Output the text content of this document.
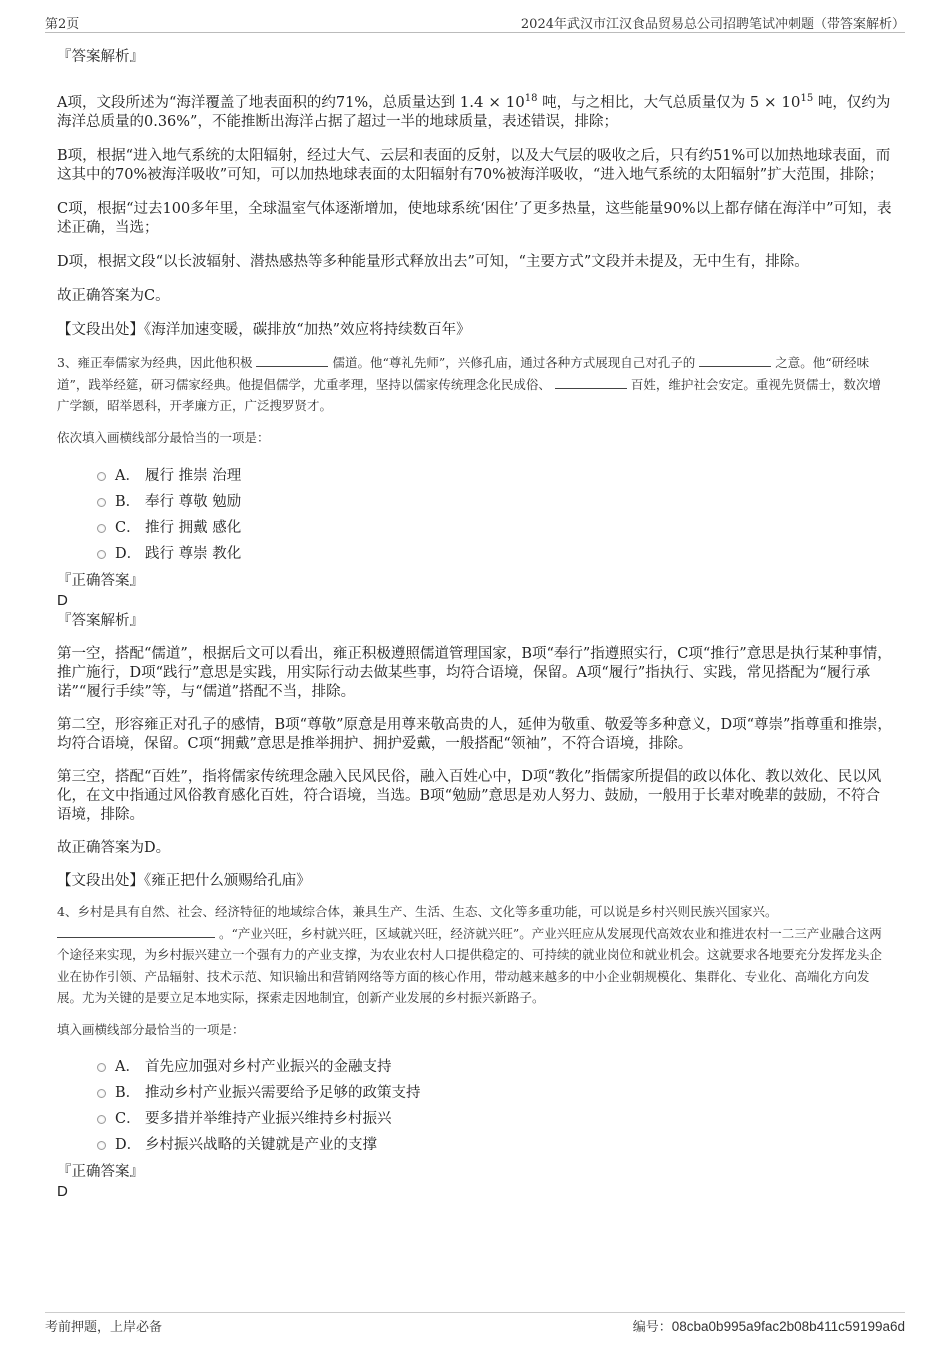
第2页	2024年武汉市江汉食品贸易总公司招聘笔试冲刺题（带答案解析）

『答案解析』

A项，文段所述为“海洋覆盖了地表面积的约71%，总质量达到 $1.4 \times 10^{18}$ 吨，与之相比，大气总质量仅为 $5 \times 10^{15}$ 吨，仅约为海洋总质量的0.36%”，不能推断出海洋占据了超过一半的地球质量，表述错误，排除；

B项，根据“进入地气系统的太阳辐射，经过大气、云层和表面的反射，以及大气层的吸收之后，只有约51%可以加热地球表面，而这其中的70%被海洋吸收”可知，可以加热地球表面的太阳辐射有70%被海洋吸收，“进入地气系统的太阳辐射”扩大范围，排除；

C项，根据“过去100多年里，全球温室气体逐渐增加，使地球系统‘困住’了更多热量，这些能量90%以上都存储在海洋中”可知，表述正确，当选；

D项，根据文段“以长波辐射、潜热感热等多种能量形式释放出去”可知，“主要方式”文段并未提及，无中生有，排除。

故正确答案为C。

【文段出处】《海洋加速变暖，碳排放“加热”效应将持续数百年》

3、雍正奉儒家为经典，因此他积极	儒道。他“尊礼先师”，兴修孔庙，通过各种方式展现自己对孔子的	之意。他“研经味道”，践举经筵，研习儒家经典。他提倡儒学，尤重孝理，坚持以儒家传统理念化民成俗、	百姓，维护社会安定。重视先贤儒士，数次增广学额，昭举恩科，开孝廉方正，广泛搜罗贤才。

依次填入画横线部分最恰当的一项是：

A． 履行 推崇 治理
B． 奉行 尊敬 勉励
C． 推行 拥戴 感化
D． 践行 尊崇 教化

『正确答案』

D

『答案解析』

第一空，搭配“儒道”，根据后文可以看出，雍正积极遵照儒道管理国家，B项“奉行”指遵照实行，C项“推行”意思是执行某种事情，推广施行，D项“践行”意思是实践，用实际行动去做某些事，均符合语境，保留。A项“履行”指执行、实践，常见搭配为“履行承诺”“履行手续”等，与“儒道”搭配不当，排除。

第二空，形容雍正对孔子的感情，B项“尊敬”原意是用尊来敬高贵的人，延伸为敬重、敬爱等多种意义，D项“尊崇”指尊重和推崇，均符合语境，保留。C项“拥戴”意思是推举拥护、拥护爱戴，一般搭配“领袖”，不符合语境，排除。

第三空，搭配“百姓”，指将儒家传统理念融入民风民俗，融入百姓心中，D项“教化”指儒家所提倡的政以体化、教以效化、民以风化，在文中指通过风俗教育感化百姓，符合语境，当选。B项“勉励”意思是劝人努力、鼓励，一般用于长辈对晚辈的鼓励，不符合语境，排除。

故正确答案为D。

【文段出处】《雍正把什么颁赐给孔庙》

4、乡村是具有自然、社会、经济特征的地域综合体，兼具生产、生活、生态、文化等多重功能，可以说是乡村兴则民族兴国家兴。  。“产业兴旺，乡村就兴旺，区域就兴旺，经济就兴旺”。产业兴旺应从发展现代高效农业和推进农村一二三产业融合这两个途径来实现，为乡村振兴建立一个强有力的产业支撑，为农业农村人口提供稳定的、可持续的就业岗位和就业机会。这就要求各地要充分发挥龙头企业在协作引领、产品辐射、技术示范、知识输出和营销网络等方面的核心作用，带动越来越多的中小企业朝规模化、集群化、专业化、高端化方向发展。尤为关键的是要立足本地实际，探索走因地制宜，创新产业发展的乡村振兴新路子。

填入画横线部分最恰当的一项是：

A． 首先应加强对乡村产业振兴的金融支持
B． 推动乡村产业振兴需要给予足够的政策支持
C． 要多措并举维持产业振兴维持乡村振兴
D． 乡村振兴战略的关键就是产业的支撑

『正确答案』

D

考前押题，上岸必备	编号：08cba0b995a9fac2b08b411c59199a6d
